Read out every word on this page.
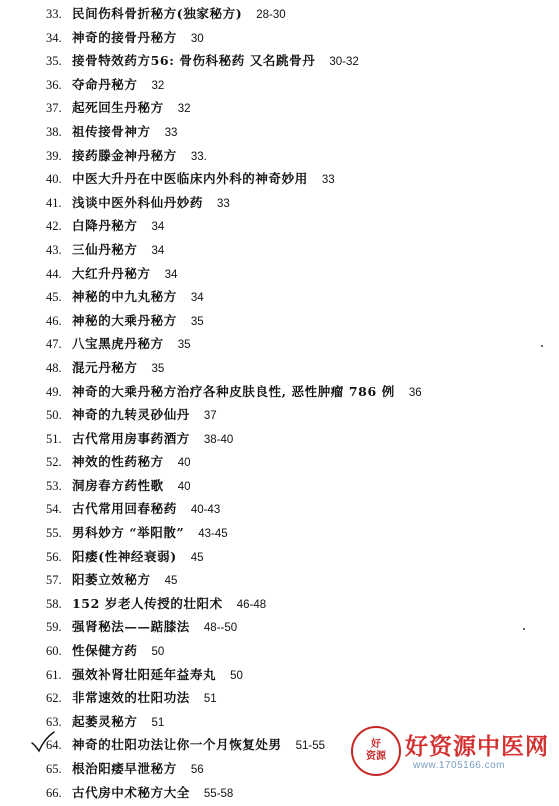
33. 民间伤科骨折秘方(独家秘方) 28-30
34. 神奇的接骨丹秘方 30
35. 接骨特效药方56: 骨伤科秘药 又名跳骨丹 30-32
36. 夺命丹秘方 32
37. 起死回生丹秘方 32
38. 祖传接骨神方 33
39. 接药滕金神丹秘方 33.
40. 中医大升丹在中医临床内外科的神奇妙用 33
41. 浅谈中医外科仙丹妙药 33
42. 白降丹秘方 34
43. 三仙丹秘方 34
44. 大红升丹秘方 34
45. 神秘的中九丸秘方 34
46. 神秘的大乘丹秘方 35
47. 八宝黑虎丹秘方 35
48. 混元丹秘方 35
49. 神奇的大乘丹秘方治疗各种皮肤良性, 恶性肿瘤 786 例 36
50. 神奇的九转灵砂仙丹 37
51. 古代常用房事药酒方 38-40
52. 神效的性药秘方 40
53. 洞房春方药性歌 40
54. 古代常用回春秘药 40-43
55. 男科妙方 “举阳散” 43-45
56. 阳痿(性神经衰弱) 45
57. 阳萎立效秘方 45
58. 152 岁老人传授的壮阳术 46-48
59. 强肾秘法——踮膝法 48--50
60. 性保健方药 50
61. 强效补肾壮阳延年益寿丸 50
62. 非常速效的壮阳功法 51
63. 起萎灵秘方 51
64. 神奇的壮阳功法让你一个月恢复处男 51-55
65. 根治阳痿早泄秘方 56
66. 古代房中术秘方大全 55-58
好
资源 好资源中医网
www.1705166.com
